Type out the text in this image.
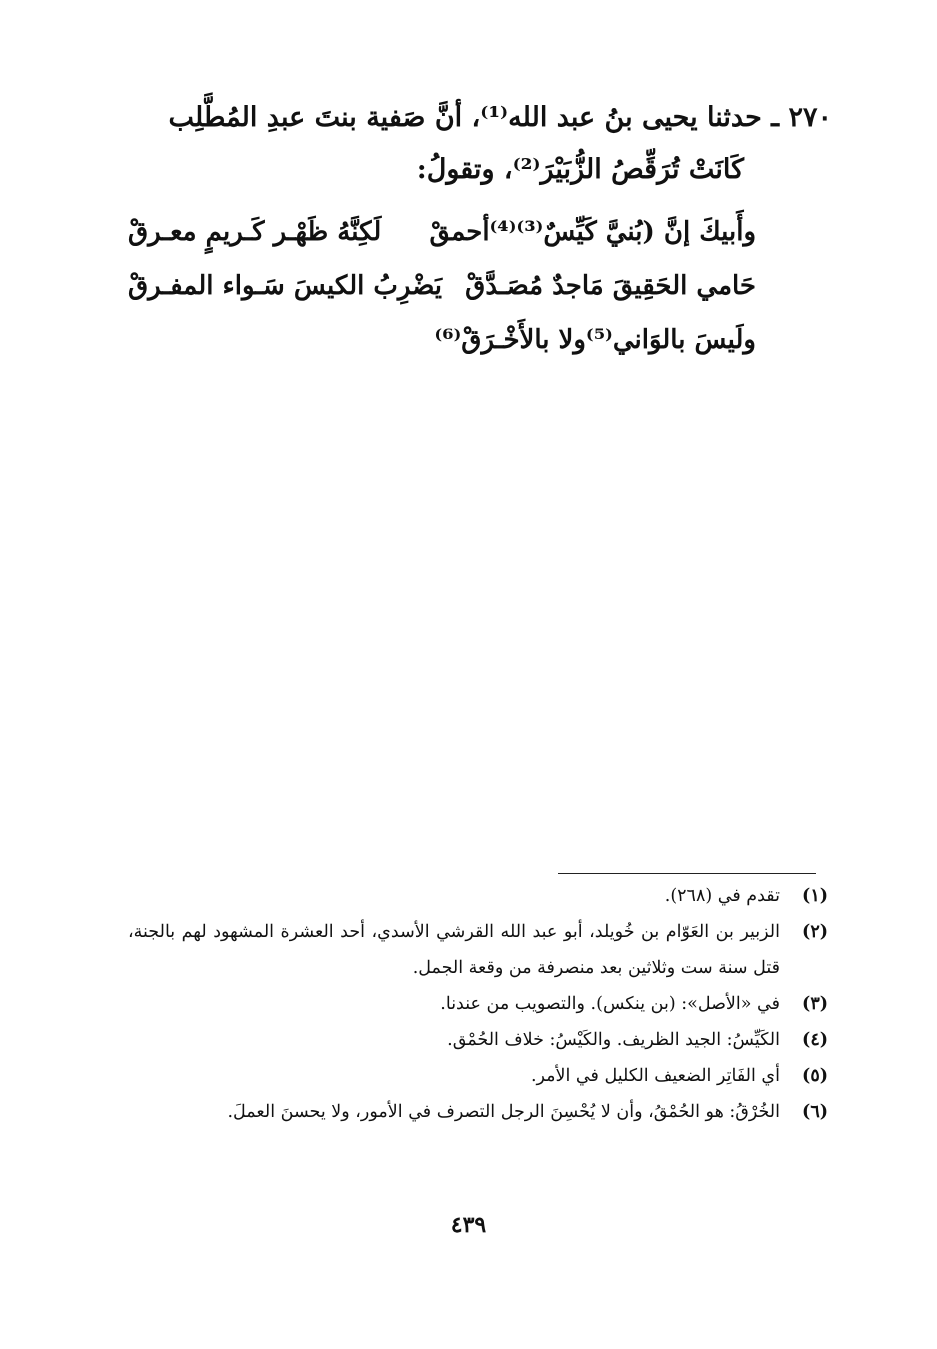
٢٧٠ ـ حدثنا يحيى بنُ عبد الله⁽¹⁾، أنَّ صَفية بنتَ عبدِ المُطَّلِب
كَانَتْ تُرَقِّصُ الزُّبَيْرَ⁽²⁾، وتقولُ:
وأَبيكَ إنَّ (بُنيَّ كَيِّسٌ⁽³⁾⁽⁴⁾أحمقْ
لَكِنَّهُ ظَهْـر كَـريمٍ معـرقْ
حَامي الحَقِيقَ مَاجدٌ مُصَـدَّقْ
يَضْرِبُ الكيسَ سَـواء المفـرقْ
ولَيسَ بالوَاني⁽⁵⁾ولا بالأَخْـرَقْ⁽⁶⁾
(١)
تقدم في (٢٦٨).
(٢)
الزبير بن العَوّام بن خُويلد، أبو عبد الله القرشي الأسدي، أحد العشرة المشهود لهم بالجنة، قتل سنة ست وثلاثين بعد منصرفة من وقعة الجمل.
(٣)
في «الأصل»: (بن ينكس). والتصويب من عندنا.
(٤)
الكَيِّسُ: الجيد الظريف. والكَيْسُ: خلاف الحُمْق.
(٥)
أي الفَاتِر الضعيف الكليل في الأمر.
(٦)
الخُرْقُ: هو الحُمْقُ، وأن لا يُحْسِنَ الرجل التصرف في الأمور، ولا يحسنَ العملَ.
٤٣٩
